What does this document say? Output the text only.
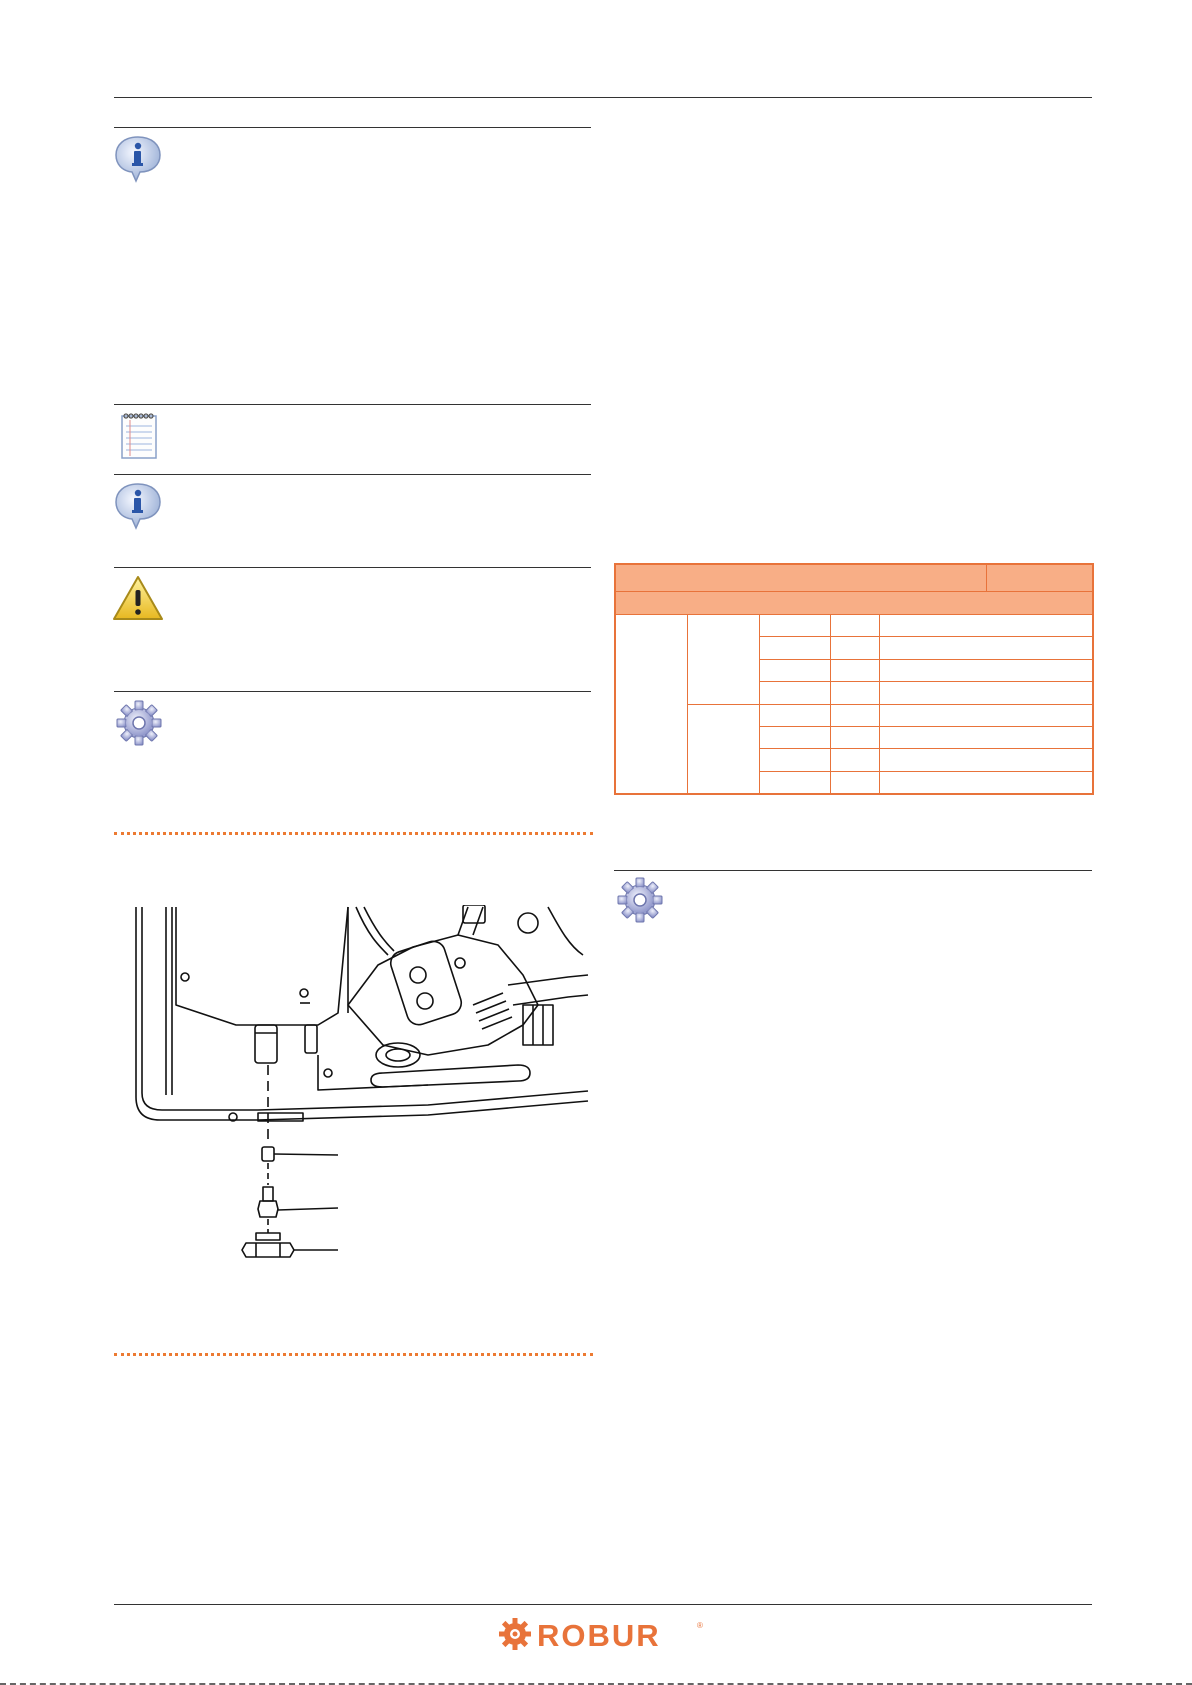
ROBUR	®
